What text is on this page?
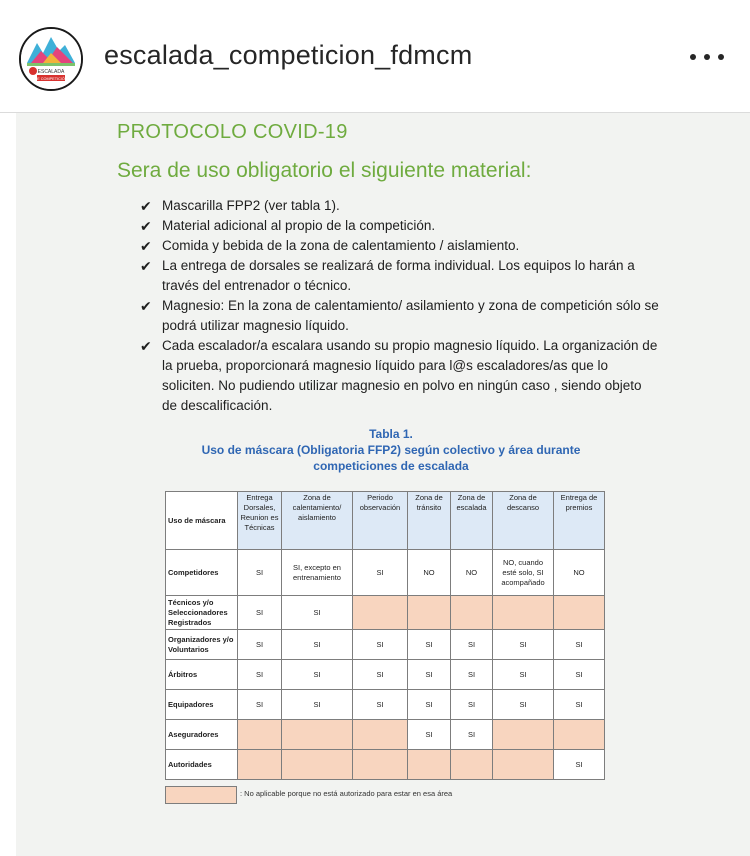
ESCALADA
DE COMPETICIÓN
escalada_competicion_fdmcm
PROTOCOLO COVID-19
Sera de uso obligatorio el siguiente material:
✔ Mascarilla FPP2 (ver tabla 1).
✔ Material adicional al propio de la competición.
✔ Comida y bebida de la zona de calentamiento / aislamiento.
✔ La entrega de dorsales se realizará de forma individual. Los equipos lo harán a través del entrenador o técnico.
✔ Magnesio: En la zona de calentamiento/ asilamiento y zona de competición sólo se podrá utilizar magnesio líquido.
✔ Cada escalador/a escalara usando su propio magnesio líquido. La organización de la prueba, proporcionará magnesio líquido para l@s escaladores/as que lo soliciten. No pudiendo utilizar magnesio en polvo en ningún caso , siendo objeto de descalificación.
Tabla 1.
Uso de máscara (Obligatoria FFP2) según colectivo y área durante competiciones de escalada
Uso de máscara	Entrega Dorsales, Reunion es Técnicas	Zona de calentamiento/ aislamiento	Periodo observación	Zona de tránsito	Zona de escalada	Zona de descanso	Entrega de premios
Competidores	SI	SI, excepto en entrenamiento	SI	NO	NO	NO, cuando esté solo, SI acompañado	NO
Técnicos y/o Seleccionadores Registrados	SI	SI					
Organizadores y/o Voluntarios	SI	SI	SI	SI	SI	SI	SI
Árbitros	SI	SI	SI	SI	SI	SI	SI
Equipadores	SI	SI	SI	SI	SI	SI	SI
Aseguradores				SI	SI		
Autoridades							SI
: No aplicable porque no está autorizado para estar en esa área
